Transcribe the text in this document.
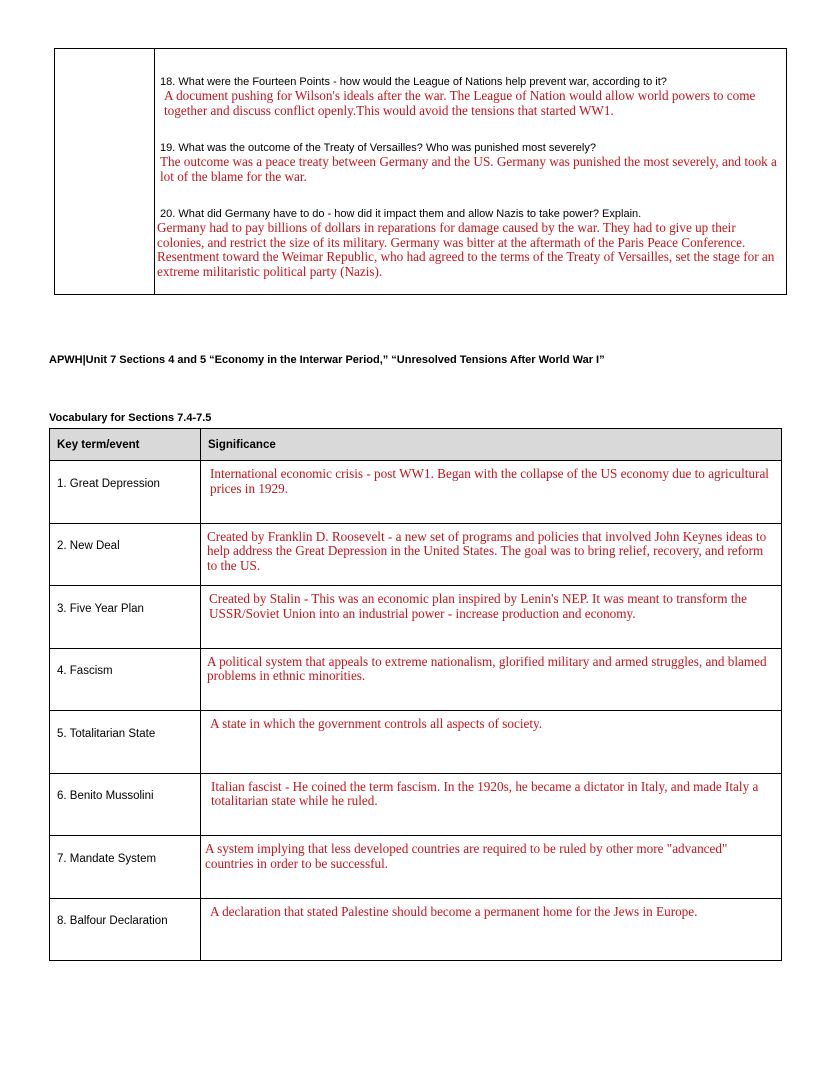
18. What were the Fourteen Points - how would the League of Nations help prevent war, according to it?
A document pushing for Wilson's ideals after the war. The League of Nation would allow world powers to come together and discuss conflict openly.This would avoid the tensions that started WW1.
19. What was the outcome of the Treaty of Versailles? Who was punished most severely?
The outcome was a peace treaty between Germany and the US. Germany was punished the most severely, and took a lot of the blame for the war.
20. What did Germany have to do - how did it impact them and allow Nazis to take power? Explain.
Germany had to pay billions of dollars in reparations for damage caused by the war. They had to give up their colonies, and restrict the size of its military. Germany was bitter at the aftermath of the Paris Peace Conference. Resentment toward the Weimar Republic, who had agreed to the terms of the Treaty of Versailles, set the stage for an extreme militaristic political party (Nazis).
APWH|Unit 7 Sections 4 and 5 “Economy in the Interwar Period,” “Unresolved Tensions After World War I”
Vocabulary for Sections 7.4-7.5
Key term/event	Significance

1. Great Depression	International economic crisis - post WW1. Began with the collapse of the US economy due to agricultural prices in 1929.

2. New Deal	Created by Franklin D. Roosevelt - a new set of programs and policies that involved John Keynes ideas to help address the Great Depression in the United States. The goal was to bring relief, recovery, and reform to the US.

3. Five Year Plan	Created by Stalin - This was an economic plan inspired by Lenin's NEP. It was meant to transform the USSR/Soviet Union into an industrial power - increase production and economy.

4. Fascism	A political system that appeals to extreme nationalism, glorified military and armed struggles, and blamed problems in ethnic minorities.

5. Totalitarian State	A state in which the government controls all aspects of society.

6. Benito Mussolini	Italian fascist - He coined the term fascism. In the 1920s, he became a dictator in Italy, and made Italy a totalitarian state while he ruled.

7. Mandate System	A system implying that less developed countries are required to be ruled by other more "advanced" countries in order to be successful.

8. Balfour Declaration	A declaration that stated Palestine should become a permanent home for the Jews in Europe.
